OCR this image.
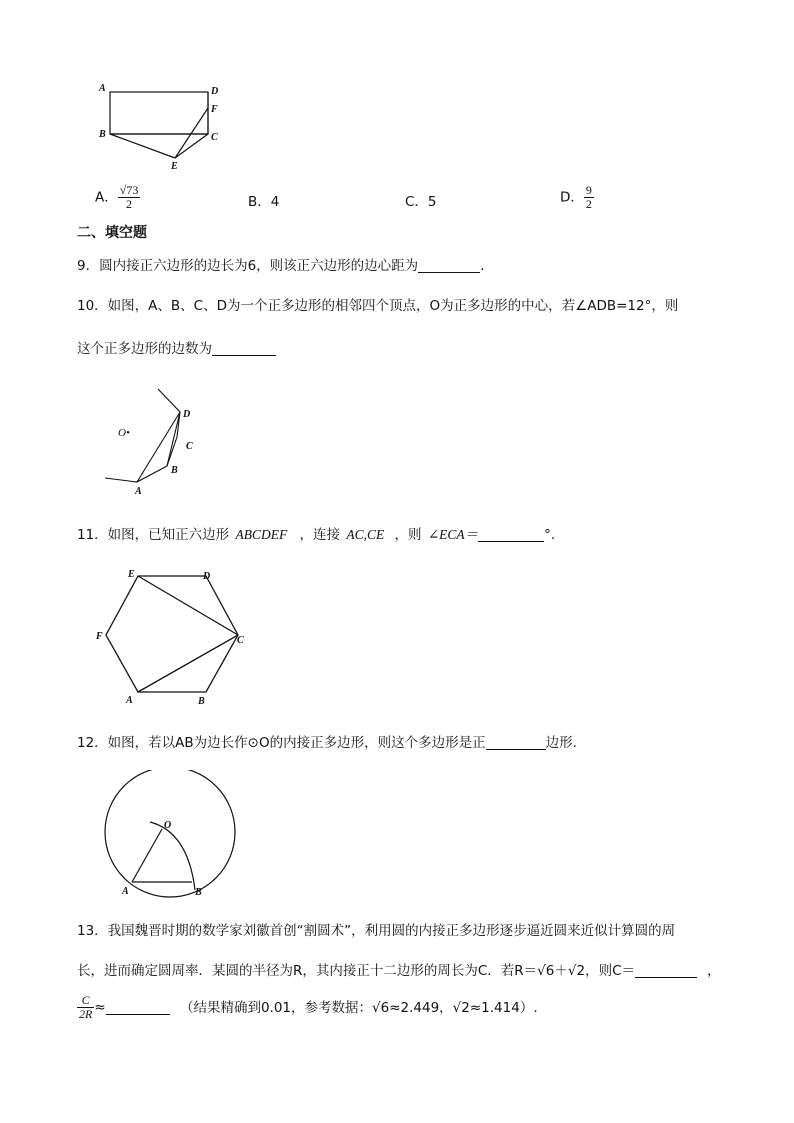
A	D
F
B	C
E
A． $\frac{√73}{2}$	B．4	C．5	D． $\frac{9}{2}$
二、填空题
9．圆内接正六边形的边长为6，则该正六边形的边心距为	.
10．如图，A、B、C、D为一个正多边形的相邻四个顶点，O为正多边形的中心，若∠ADB=12°，则
这个正多边形的边数为
O•
D
C
B
A
11．如图，已知正六边形 ABCDEF ，连接 AC,CE ，则 ∠ECA＝	°.
E	D
C
F
A	B
12．如图，若以AB为边长作⊙O的内接正多边形，则这个多边形是正	边形．
O
A	B
13．我国魏晋时期的数学家刘徽首创“割圆术”，利用圆的内接正多边形逐步逼近圆来近似计算圆的周
长，进而确定圆周率．某圆的半径为R，其内接正十二边形的周长为C．若R＝√6＋√2，则C＝	，
$\frac{C}{2R}$ ≈	（结果精确到0.01，参考数据：√6≈2.449，√2≈1.414）.
